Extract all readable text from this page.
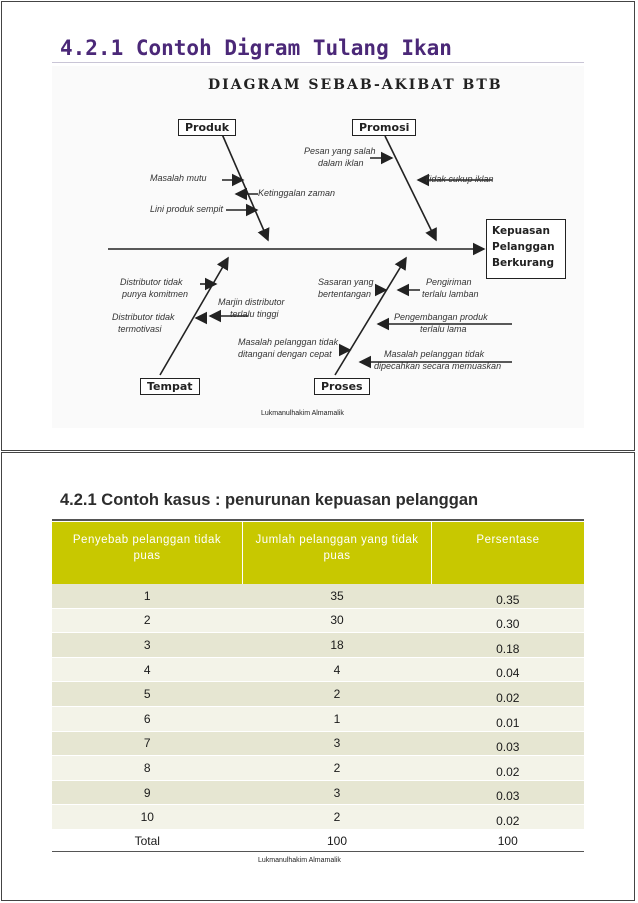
4.2.1 Contoh Digram Tulang Ikan
DIAGRAM SEBAB-AKIBAT BTB
Produk	Promosi
Tempat	Proses
Kepuasan
Pelanggan
Berkurang
Masalah mutu
Ketinggalan zaman
Lini produk sempit
Pesan yang salah
dalam iklan
Tidak cukup iklan
Distributor tidak
punya komitmen
Marjin distributor
terlalu tinggi
Distributor tidak
termotivasi
Sasaran yang
bertentangan
Pengiriman
terlalu lamban
Pengembangan produk
terlalu lama
Masalah pelanggan tidak
ditangani dengan cepat	Masalah pelanggan tidak
dipecahkan secara memuaskan
Lukmanulhakim Almamalik
4.2.1 Contoh kasus : penurunan kepuasan pelanggan
Penyebab pelanggan tidak puas	Jumlah pelanggan yang tidak puas	Persentase
1	35	0.35
2	30	0.30
3	18	0.18
4	4	0.04
5	2	0.02
6	1	0.01
7	3	0.03
8	2	0.02
9	3	0.03
10	2	0.02
Total	100	100
Lukmanulhakim Almamalik
